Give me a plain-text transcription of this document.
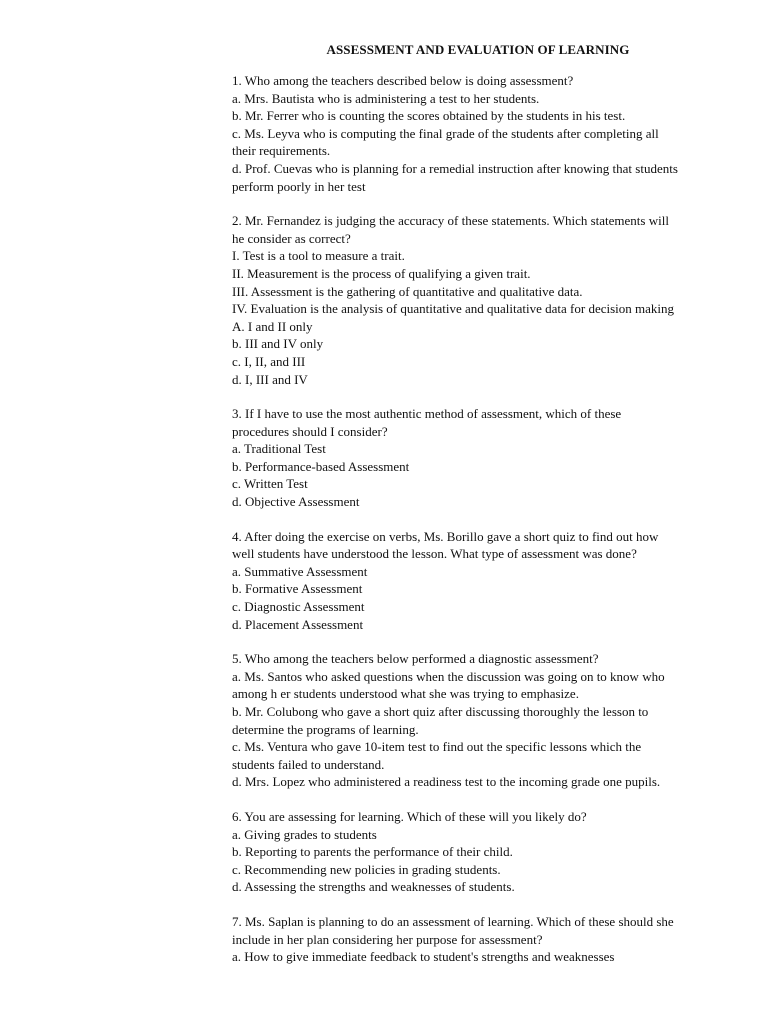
ASSESSMENT AND EVALUATION OF LEARNING
1. Who among the teachers described below is doing assessment?
a. Mrs. Bautista who is administering a test to her students.
b. Mr. Ferrer who is counting the scores obtained by the students in his test.
c. Ms. Leyva who is computing the final grade of the students after completing all
their requirements.
d. Prof. Cuevas who is planning for a remedial instruction after knowing that students
perform poorly in her test
2. Mr. Fernandez is judging the accuracy of these statements. Which statements will
he consider as correct?
I. Test is a tool to measure a trait.
II. Measurement is the process of qualifying a given trait.
III. Assessment is the gathering of quantitative and qualitative data.
IV. Evaluation is the analysis of quantitative and qualitative data for decision making
A. I and II only
b. III and IV only
c. I, II, and III
d. I, III and IV
3. If I have to use the most authentic method of assessment, which of these
procedures should I consider?
a. Traditional Test
b. Performance-based Assessment
c. Written Test
d. Objective Assessment
4. After doing the exercise on verbs, Ms. Borillo gave a short quiz to find out how
well students have understood the lesson. What type of assessment was done?
a. Summative Assessment
b. Formative Assessment
c. Diagnostic Assessment
d. Placement Assessment
5. Who among the teachers below performed a diagnostic assessment?
a. Ms. Santos who asked questions when the discussion was going on to know who
among h er students understood what she was trying to emphasize.
b. Mr. Colubong who gave a short quiz after discussing thoroughly the lesson to
determine the programs of learning.
c. Ms. Ventura who gave 10-item test to find out the specific lessons which the
students failed to understand.
d. Mrs. Lopez who administered a readiness test to the incoming grade one pupils.
6. You are assessing for learning. Which of these will you likely do?
a. Giving grades to students
b. Reporting to parents the performance of their child.
c. Recommending new policies in grading students.
d. Assessing the strengths and weaknesses of students.
7. Ms. Saplan is planning to do an assessment of learning. Which of these should she
include in her plan considering her purpose for assessment?
a. How to give immediate feedback to student's strengths and weaknesses
